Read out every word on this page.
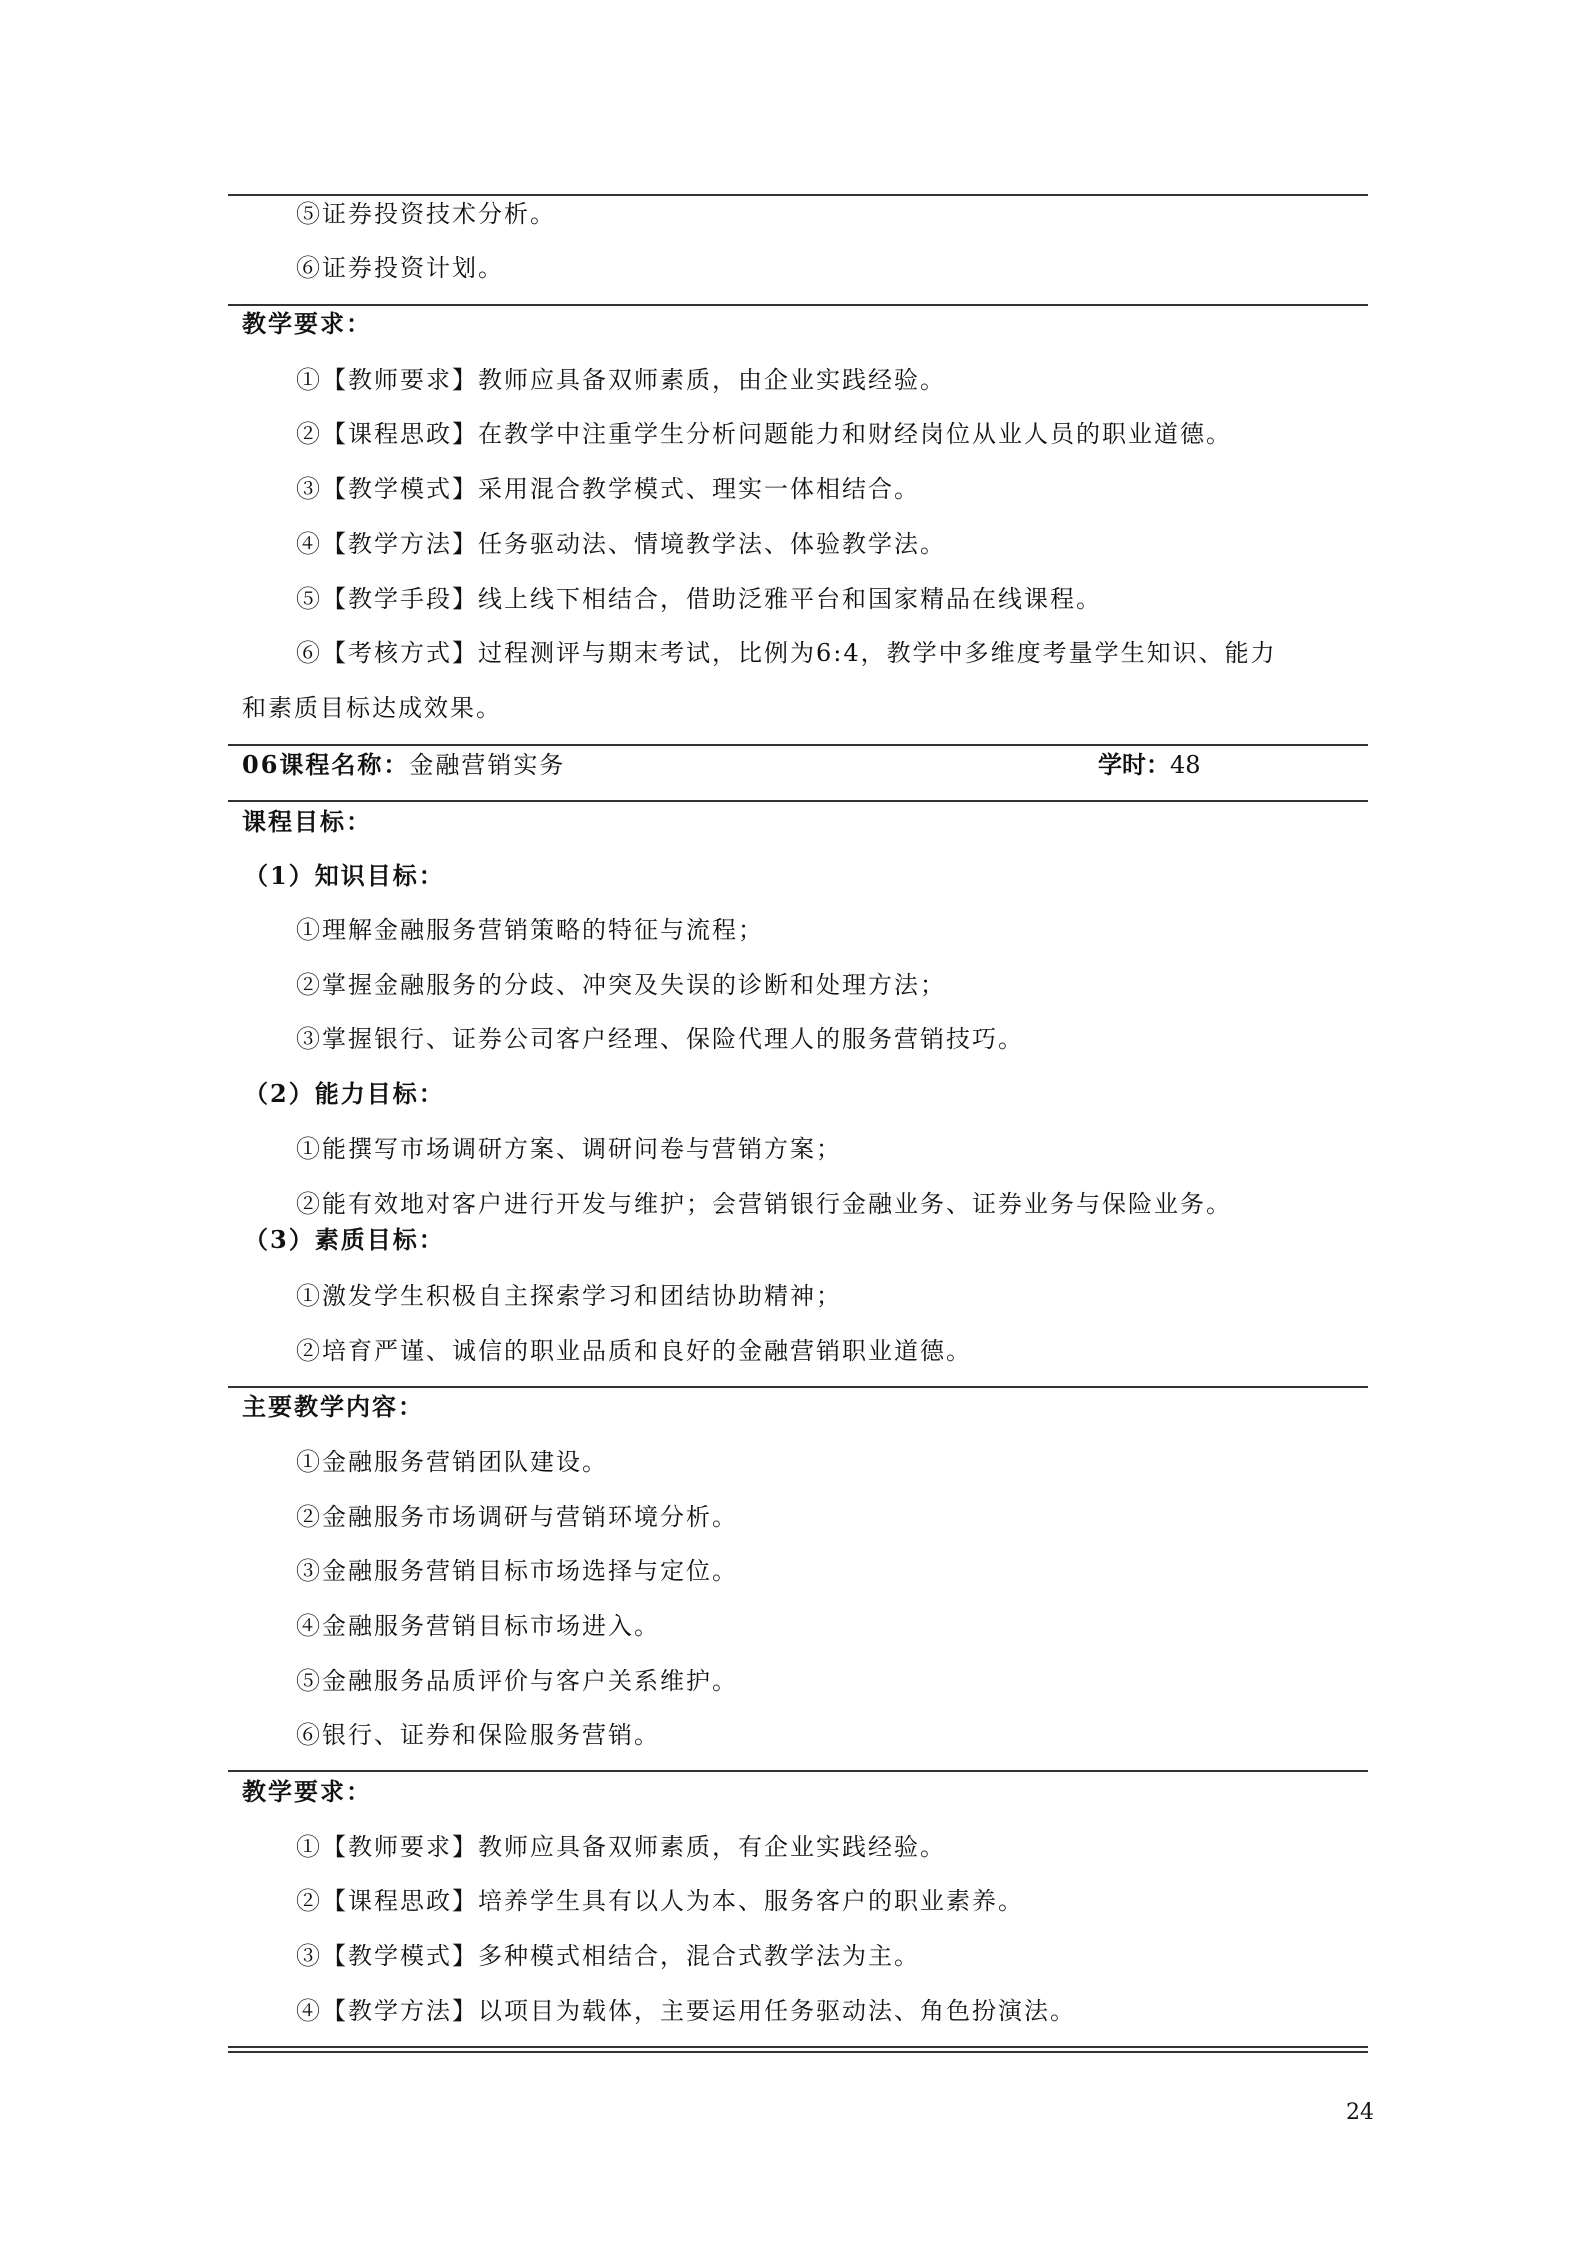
⑤证券投资技术分析。
⑥证券投资计划。
教学要求：
①【教师要求】教师应具备双师素质，由企业实践经验。
②【课程思政】在教学中注重学生分析问题能力和财经岗位从业人员的职业道德。
③【教学模式】采用混合教学模式、理实一体相结合。
④【教学方法】任务驱动法、情境教学法、体验教学法。
⑤【教学手段】线上线下相结合，借助泛雅平台和国家精品在线课程。
⑥【考核方式】过程测评与期末考试，比例为6:4，教学中多维度考量学生知识、能力
和素质目标达成效果。
06课程名称：金融营销实务	学时：48
课程目标：
（1）知识目标：
①理解金融服务营销策略的特征与流程；
②掌握金融服务的分歧、冲突及失误的诊断和处理方法；
③掌握银行、证券公司客户经理、保险代理人的服务营销技巧。
（2）能力目标：
①能撰写市场调研方案、调研问卷与营销方案；
②能有效地对客户进行开发与维护；会营销银行金融业务、证券业务与保险业务。
（3）素质目标：
①激发学生积极自主探索学习和团结协助精神；
②培育严谨、诚信的职业品质和良好的金融营销职业道德。
主要教学内容：
①金融服务营销团队建设。
②金融服务市场调研与营销环境分析。
③金融服务营销目标市场选择与定位。
④金融服务营销目标市场进入。
⑤金融服务品质评价与客户关系维护。
⑥银行、证券和保险服务营销。
教学要求：
①【教师要求】教师应具备双师素质，有企业实践经验。
②【课程思政】培养学生具有以人为本、服务客户的职业素养。
③【教学模式】多种模式相结合，混合式教学法为主。
④【教学方法】以项目为载体，主要运用任务驱动法、角色扮演法。
24
